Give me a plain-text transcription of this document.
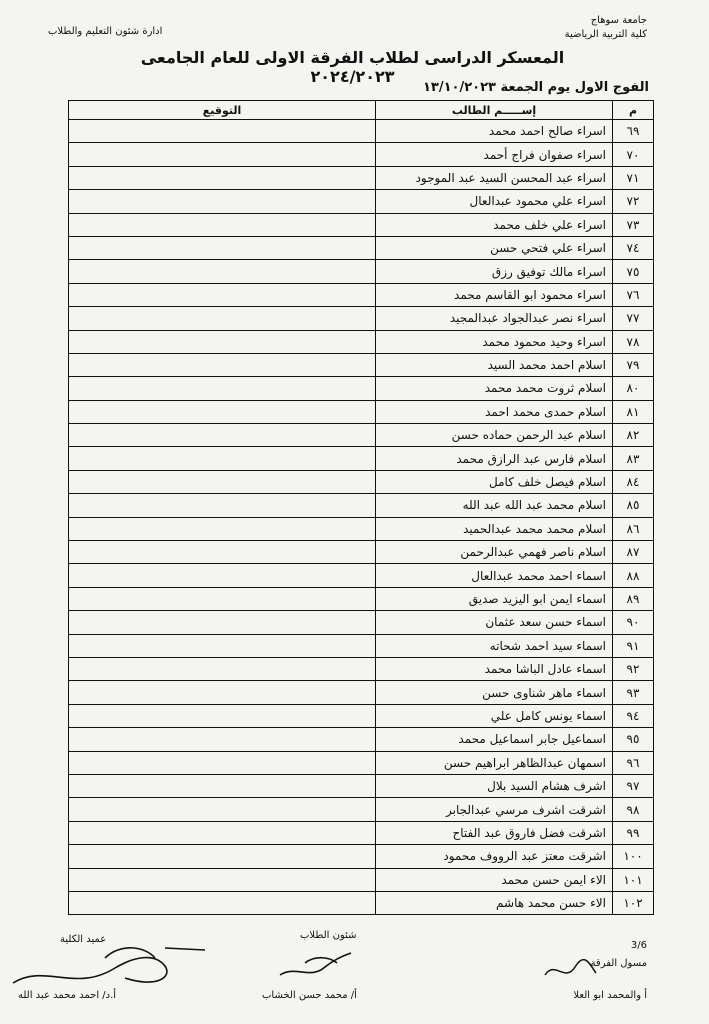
جامعة سوهاج
كلية التربية الرياضية
ادارة شئون التعليم والطلاب
المعسكر الدراسى لطلاب الفرقة الاولى للعام الجامعى ٢٠٢٤/٢٠٢٣
الفوج الاول يوم الجمعة ١٣/١٠/٢٠٢٣
م	إســـــم الطالب	التوقيع
٦٩	اسراء صالح احمد محمد	
٧٠	اسراء صفوان فراج أحمد	
٧١	اسراء عبد المحسن السيد عبد الموجود	
٧٢	اسراء علي محمود عبدالعال	
٧٣	اسراء علي خلف محمد	
٧٤	اسراء علي فتحي حسن	
٧٥	اسراء مالك توفيق رزق	
٧٦	اسراء محمود ابو القاسم محمد	
٧٧	اسراء نصر عبدالجواد عبدالمجيد	
٧٨	اسراء وحيد محمود محمد	
٧٩	اسلام احمد محمد السيد	
٨٠	اسلام ثروت محمد محمد	
٨١	اسلام حمدى محمد احمد	
٨٢	اسلام عبد الرحمن حماده حسن	
٨٣	اسلام فارس عبد الرازق محمد	
٨٤	اسلام فيصل خلف كامل	
٨٥	اسلام محمد عبد الله عبد الله	
٨٦	اسلام محمد محمد عبدالحميد	
٨٧	اسلام ناصر فهمي عبدالرحمن	
٨٨	اسماء احمد محمد عبدالعال	
٨٩	اسماء ايمن ابو اليزيد صديق	
٩٠	اسماء حسن سعد عثمان	
٩١	اسماء سيد احمد شحاته	
٩٢	اسماء عادل الباشا محمد	
٩٣	اسماء ماهر شناوى حسن	
٩٤	اسماء يونس كامل علي	
٩٥	اسماعيل جابر اسماعيل محمد	
٩٦	اسمهان عبدالظاهر ابراهيم حسن	
٩٧	اشرف هشام السيد بلال	
٩٨	اشرقت اشرف مرسي عبدالجابر	
٩٩	اشرقت فضل فاروق عبد الفتاح	
١٠٠	اشرقت معتز عبد الرووف محمود	
١٠١	الاء ايمن حسن محمد	
١٠٢	الاء حسن محمد هاشم	
3/6
مسول الفرقة
أ والمحمد ابو العلا
شئون الطلاب
أ/ محمد حسن الخشاب
عميد الكلية
أ.د/ احمد محمد عبد الله
